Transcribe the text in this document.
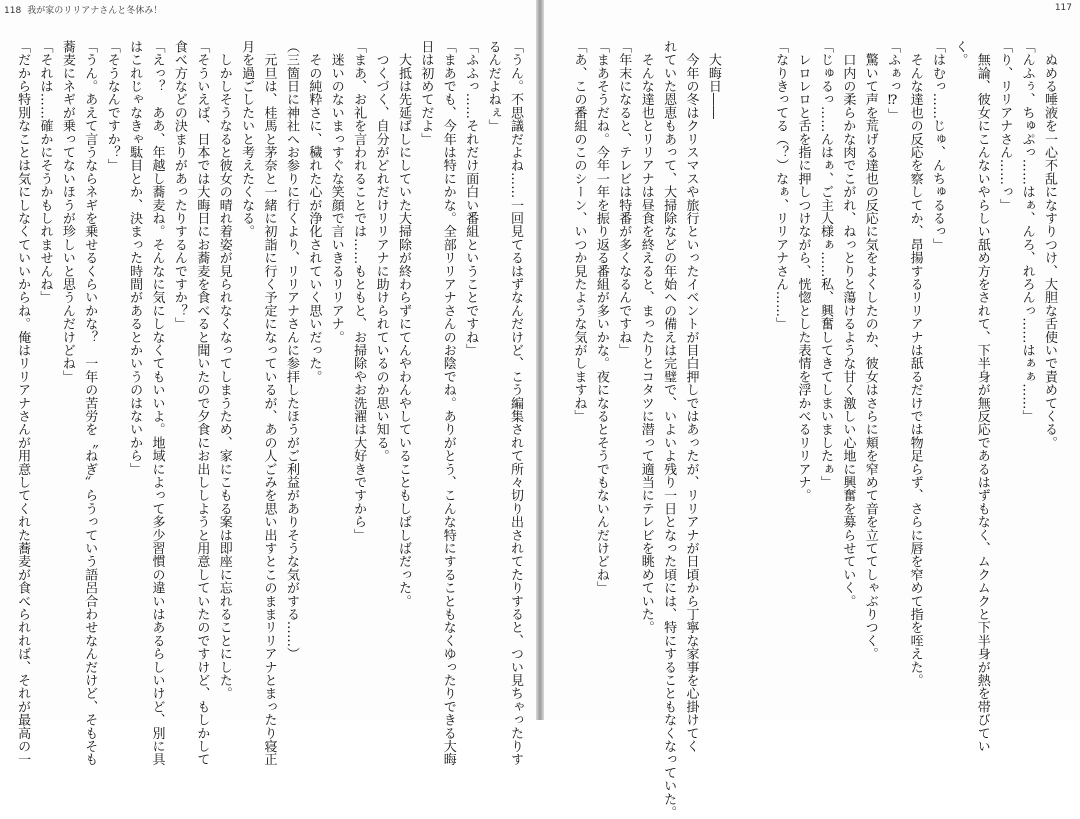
118 我が家のリリアナさんと冬休み！

「うん。不思議だよね……一回見てるはずなんだけど、こう編集されて所々切り出されてたりすると、つい見ちゃったりす

るんだよねぇ」

「ふふっ……それだけ面白い番組ということですね」

「まあでも、今年は特にかな。全部リリアナさんのお陰でね。ありがとう、こんな特にすることもなくゆったりできる大晦

日は初めてだよ」

　大抵は先延ばしにしていた大掃除が終わらずにてんやわんやしていることもしばしばだった。

　つくづく、自分がどれだけリリアナに助けられているのか思い知る。

「まあ、お礼を言われることでは……もともと、お掃除やお洗濯は大好きですから」

　迷いのないまっすぐな笑顔で言いきるリリアナ。

　その純粋さに、穢れた心が浄化されていく思いだった。

（三箇日に神社へお参りに行くより、リリアナさんに参拝したほうがご利益がありそうな気がする……）

　元旦は、桂馬と茅奈と一緒に初詣に行く予定になっているが、あの人ごみを思い出すとこのままリリアナとまったり寝正

月を過ごしたいと考えたくなる。

　しかしそうなると彼女の晴れ着姿が見られなくなってしまうため、家にこもる案は即座に忘れることにした。

「そういえば、日本では大晦日にお蕎麦を食べると聞いたので夕食にお出ししようと用意していたのですけど、もしかして

食べ方などの決まりがあったりするんですか？」

「えっ？　ああ、年越し蕎麦ね。そんなに気にしなくてもいいよ。地域によって多少習慣の違いはあるらしいけど、別に具

はこれじゃなきゃ駄目とか、決まった時間があるとかいうのはないから」

「そうなんですか？」

「うん。あえて言うならネギを乗せるくらいかな？　一年の苦労を〝ねぎ〟らうっていう語呂合わせなんだけど、そもそも

蕎麦にネギが乗ってないほうが珍しいと思うんだけどね」

「それは……確かにそうかもしれませんね」

「だから特別なことは気にしなくていいからね。俺はリリアナさんが用意してくれた蕎麦が食べられれば、それが最高の一

117

　ぬめる唾液を一心不乱になすりつけ、大胆な舌使いで責めてくる。

「んふぅ、ちゅぷっ……はぁ、んろ、れろんっ……はぁぁ……」

「り、リリアナさん……っ」

　無論、彼女にこんないやらしい舐め方をされて、下半身が無反応であるはずもなく、ムクムクと下半身が熱を帯びてい

く。

「はむっ……じゅ、んちゅるるっ」

　そんな達也の反応を察してか、昂揚するリリアナは舐るだけでは物足らず、さらに唇を窄めて指を咥えた。

「ふぁっ⁉」

　驚いて声を荒げる達也の反応に気をよくしたのか、彼女はさらに頬を窄めて音を立ててしゃぶりつく。

　口内の柔らかな肉でこがれ、ねっとりと蕩けるような甘く激しい心地に興奮を募らせていく。

「じゅるっ……んはぁ、ご主人様ぁ……私、興奮してきてしまいましたぁ」

　レロレロと舌を指に押しつけながら、恍惚とした表情を浮かべるリリアナ。

「なりきってる（？）なぁ、リリアナさん……」

　大晦日――

　今年の冬はクリスマスや旅行といったイベントが目白押しではあったが、リリアナが日頃から丁寧な家事を心掛けてく

れていた恩恵もあって、大掃除などの年始への備えは完璧で、いよいよ残り一日となった頃には、特にすることもなくなっていた。

　そんな達也とリリアナは昼食を終えると、まったりとコタツに潜って適当にテレビを眺めていた。

「年末になると、テレビは特番が多くなるんですね」

「まあそうだね。今年一年を振り返る番組が多いかな。夜になるとそうでもないんだけどね」

「あ、この番組のこのシーン、いつか見たような気がしますね」
